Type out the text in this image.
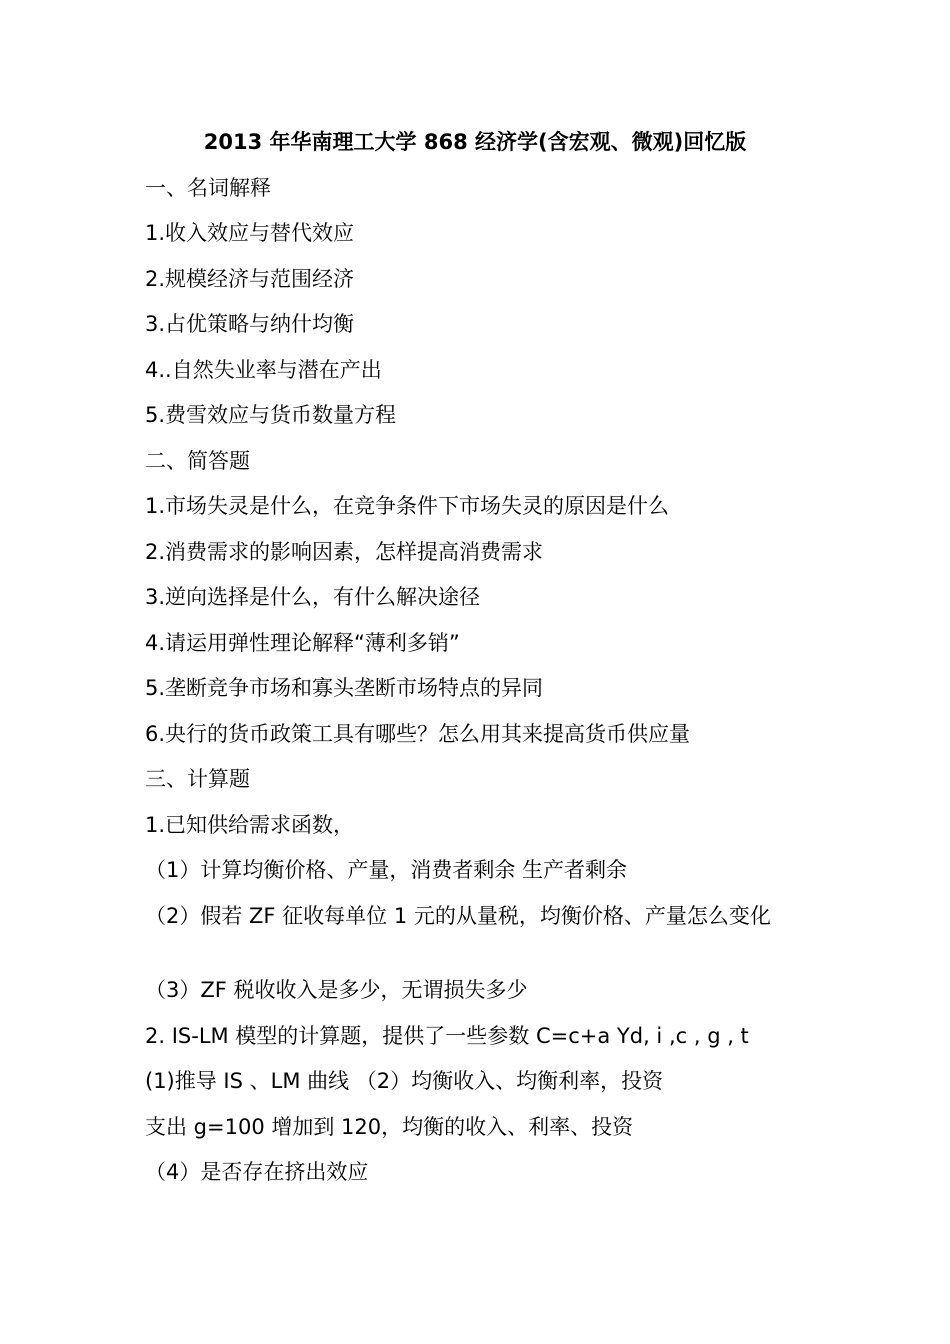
2013 年华南理工大学 868 经济学(含宏观、微观)回忆版
一、名词解释
1.收入效应与替代效应
2.规模经济与范围经济
3.占优策略与纳什均衡
4..自然失业率与潜在产出
5.费雪效应与货币数量方程
二、简答题
1.市场失灵是什么，在竞争条件下市场失灵的原因是什么
2.消费需求的影响因素，怎样提高消费需求
3.逆向选择是什么，有什么解决途径
4.请运用弹性理论解释“薄利多销”
5.垄断竞争市场和寡头垄断市场特点的异同
6.央行的货币政策工具有哪些？怎么用其来提高货币供应量
三、计算题
1.已知供给需求函数，
（1）计算均衡价格、产量，消费者剩余 生产者剩余
（2）假若 ZF 征收每单位 1 元的从量税，均衡价格、产量怎么变化
（3）ZF 税收收入是多少，无谓损失多少
2. IS-LM 模型的计算题，提供了一些参数 C=c+a Yd, i ,c , g , t
(1)推导 IS 、LM 曲线 （2）均衡收入、均衡利率，投资
支出 g=100 增加到 120，均衡的收入、利率、投资
（4）是否存在挤出效应
